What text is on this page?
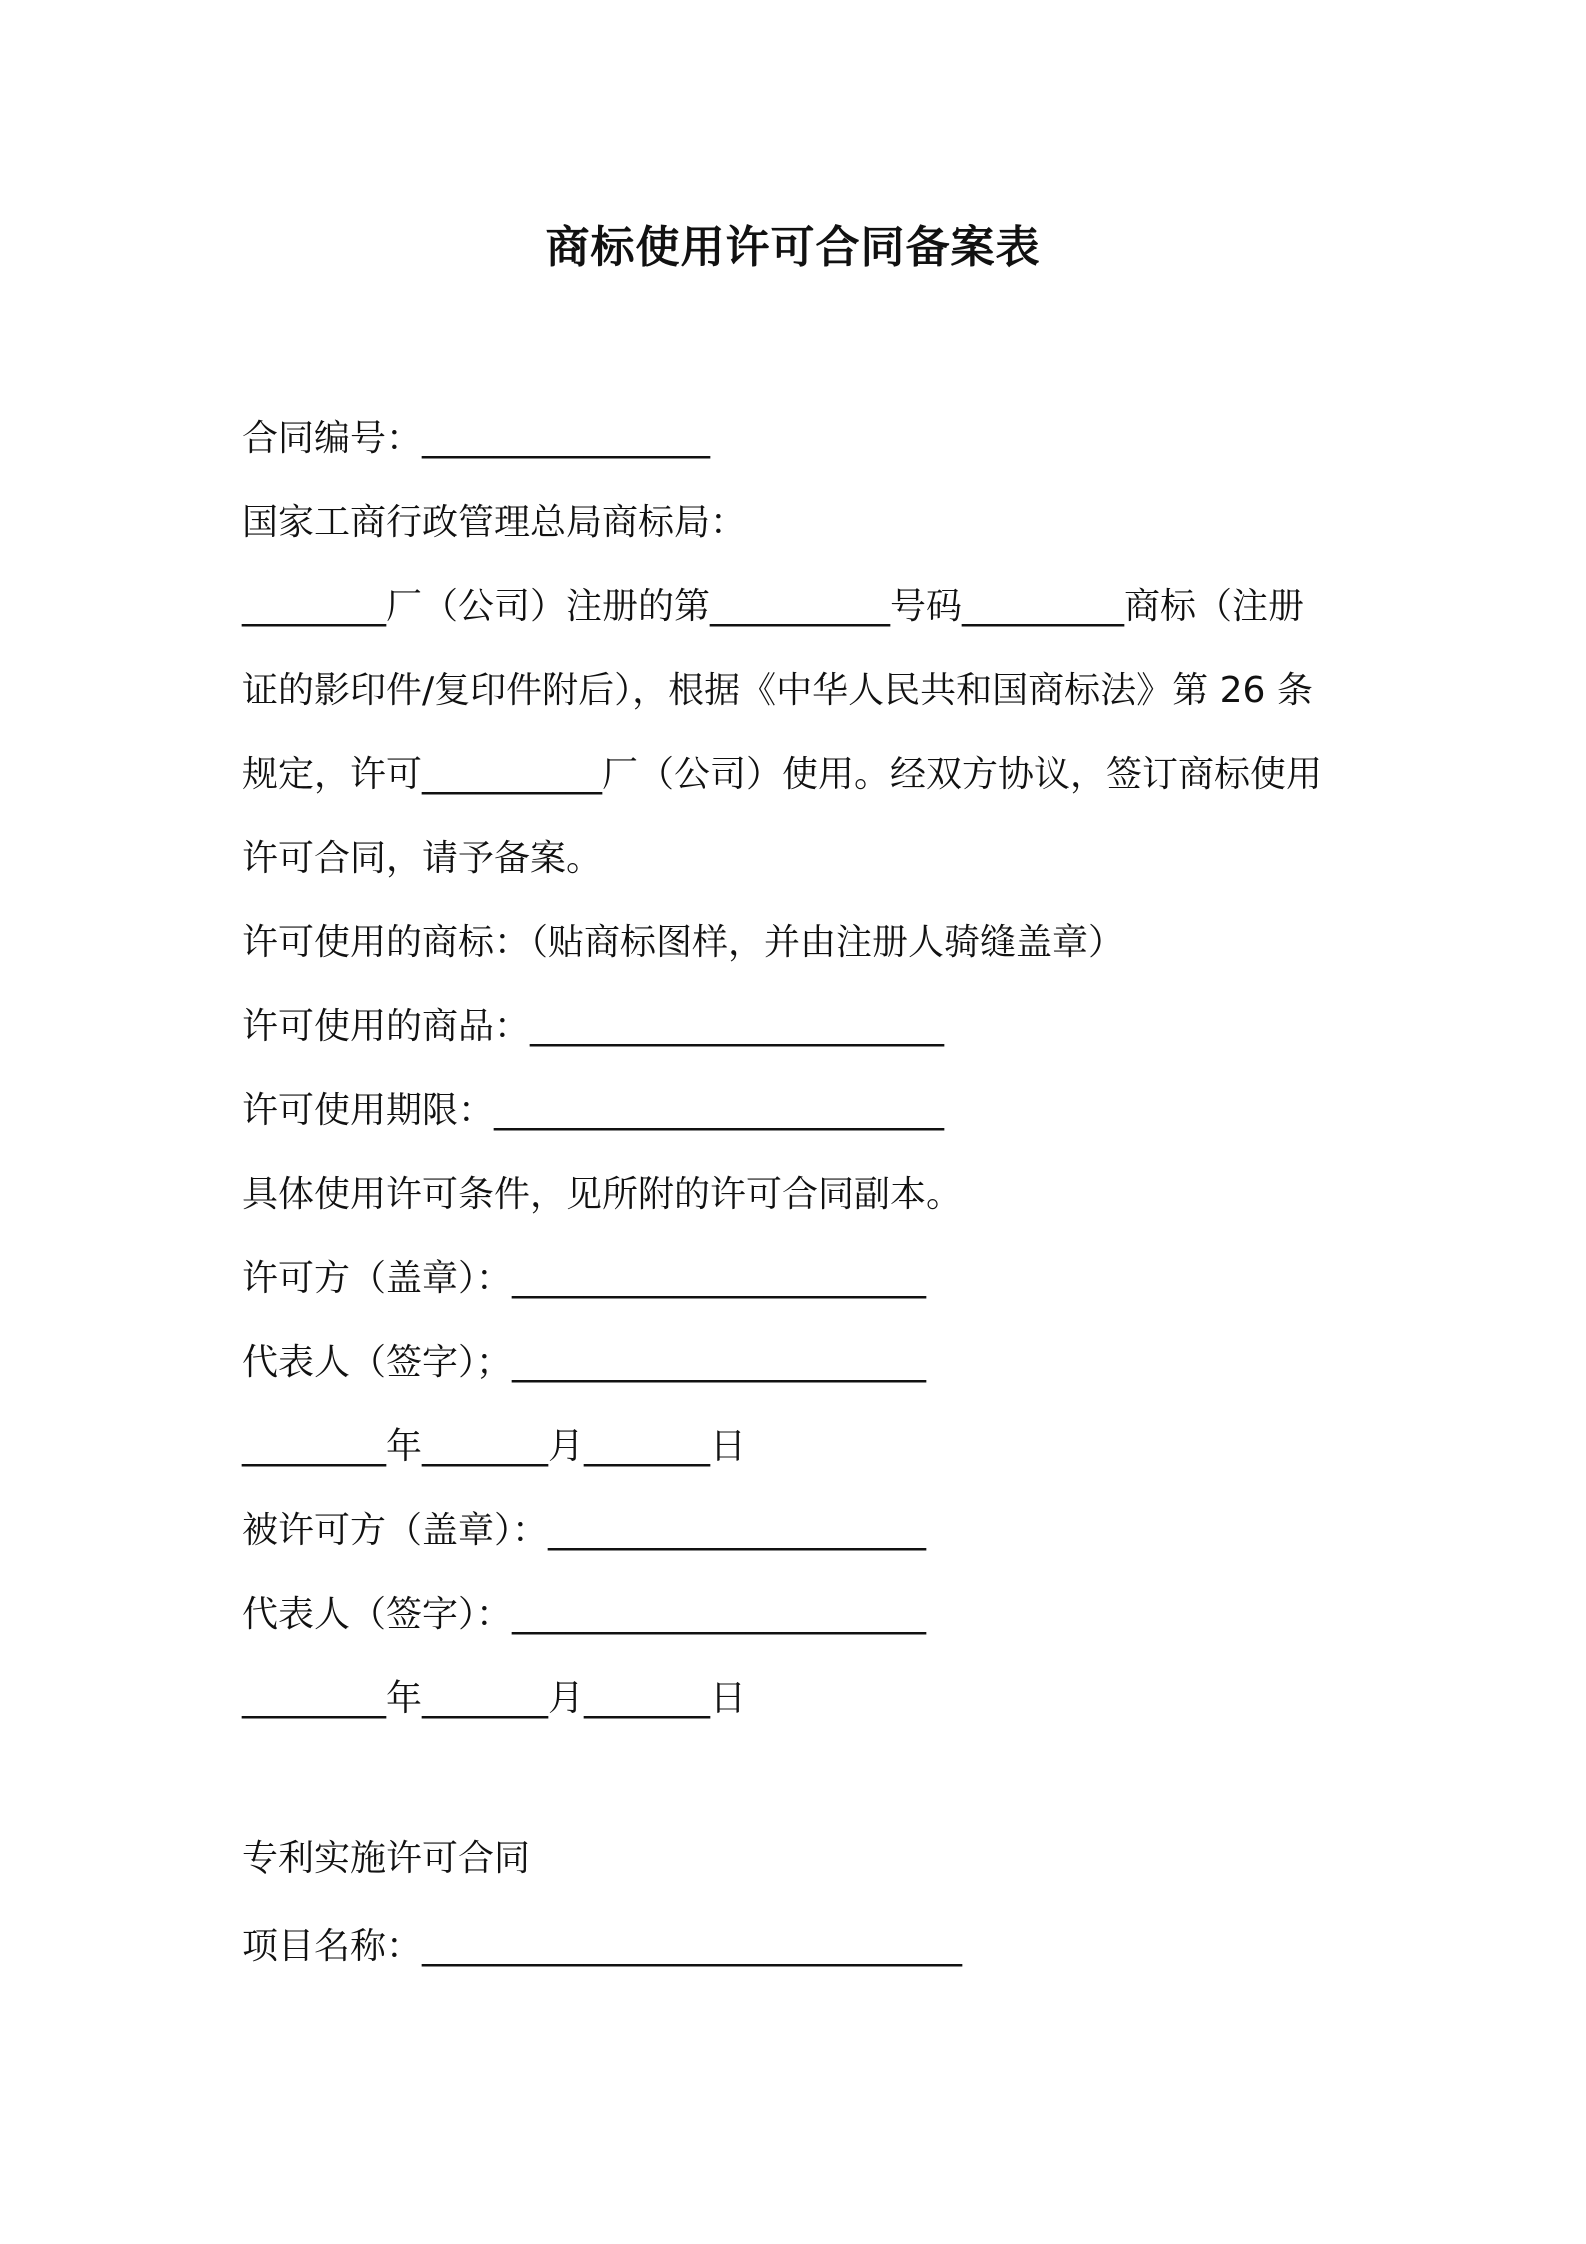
商标使用许可合同备案表
合同编号：________________
国家工商行政管理总局商标局：
________厂（公司）注册的第__________号码_________商标（注册
证的影印件/复印件附后），根据《中华人民共和国商标法》第 26 条
规定，许可__________厂（公司）使用。经双方协议，签订商标使用
许可合同，请予备案。
许可使用的商标：（贴商标图样，并由注册人骑缝盖章）
许可使用的商品：_______________________
许可使用期限：_________________________
具体使用许可条件，见所附的许可合同副本。
许可方（盖章）：_______________________
代表人（签字）；_______________________
________年_______月_______日
被许可方（盖章）：_____________________
代表人（签字）：_______________________
________年_______月_______日
专利实施许可合同
项目名称：______________________________
